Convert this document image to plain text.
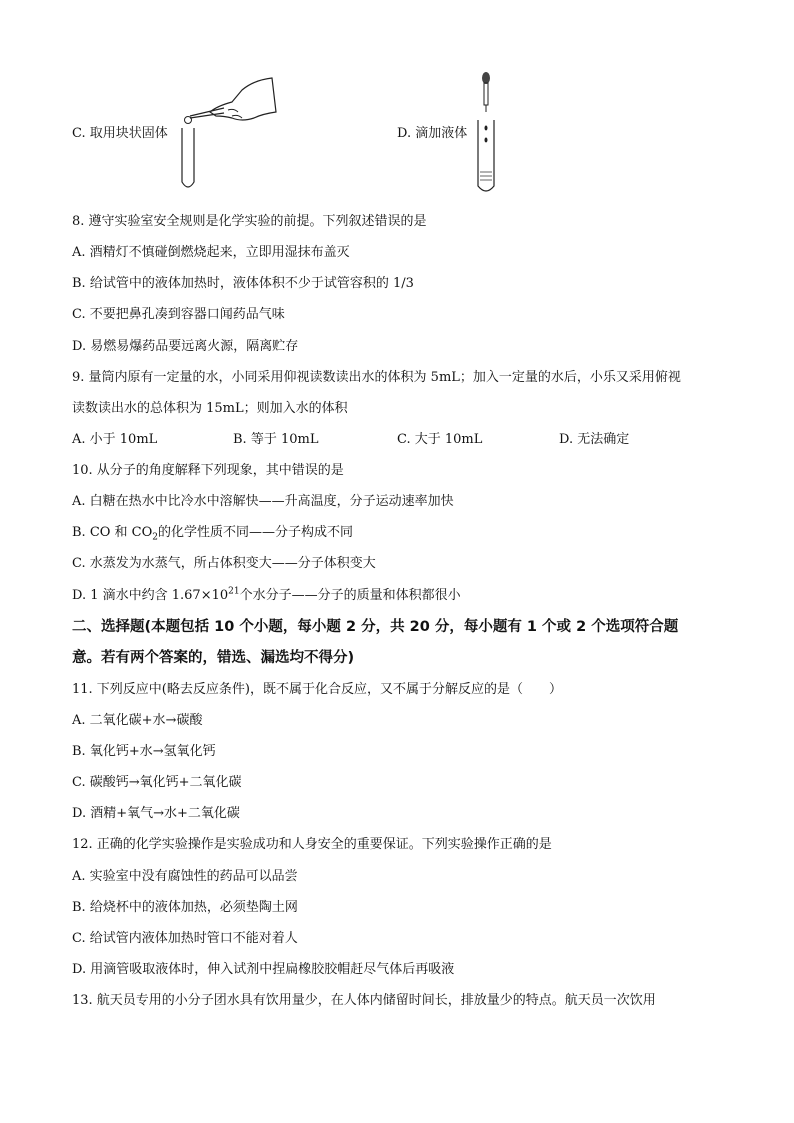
C. 取用块状固体	D. 滴加液体
8. 遵守实验室安全规则是化学实验的前提。下列叙述错误的是
A. 酒精灯不慎碰倒燃烧起来，立即用湿抹布盖灭
B. 给试管中的液体加热时，液体体积不少于试管容积的 1/3
C. 不要把鼻孔凑到容器口闻药品气味
D. 易燃易爆药品要远离火源，隔离贮存
9. 量筒内原有一定量的水，小同采用仰视读数读出水的体积为 5mL；加入一定量的水后，小乐又采用俯视
读数读出水的总体积为 15mL；则加入水的体积
A. 小于 10mL	B. 等于 10mL	C. 大于 10mL	D. 无法确定
10. 从分子的角度解释下列现象，其中错误的是
A. 白糖在热水中比冷水中溶解快——升高温度，分子运动速率加快
B. CO 和 $CO_2$的化学性质不同——分子构成不同
C. 水蒸发为水蒸气，所占体积变大——分子体积变大
D. 1 滴水中约含 $1.67\times 10^{21}$个水分子——分子的质量和体积都很小
二、选择题(本题包括 10 个小题，每小题 2 分，共 20 分，每小题有 1 个或 2 个选项符合题
意。若有两个答案的，错选、漏选均不得分)
11. 下列反应中(略去反应条件)，既不属于化合反应，又不属于分解反应的是（　　）
A. 二氧化碳+水→碳酸
B. 氧化钙+水→氢氧化钙
C. 碳酸钙→氧化钙+二氧化碳
D. 酒精+氧气→水+二氧化碳
12. 正确的化学实验操作是实验成功和人身安全的重要保证。下列实验操作正确的是
A. 实验室中没有腐蚀性的药品可以品尝
B. 给烧杯中的液体加热，必须垫陶土网
C. 给试管内液体加热时管口不能对着人
D. 用滴管吸取液体时，伸入试剂中捏扁橡胶胶帽赶尽气体后再吸液
13. 航天员专用的小分子团水具有饮用量少，在人体内储留时间长，排放量少的特点。航天员一次饮用
